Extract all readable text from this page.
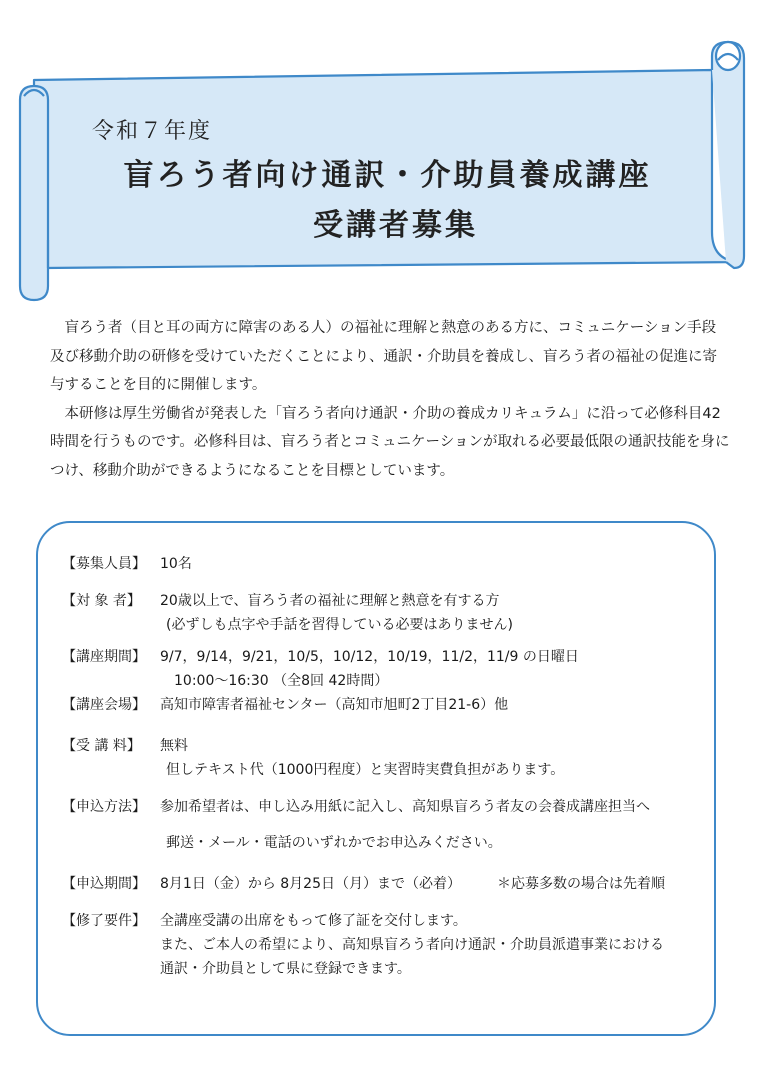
令和７年度
盲ろう者向け通訳・介助員養成講座
受講者募集

盲ろう者（目と耳の両方に障害のある人）の福祉に理解と熱意のある方に、コミュニケーション手段及び移動介助の研修を受けていただくことにより、通訳・介助員を養成し、盲ろう者の福祉の促進に寄与することを目的に開催します。

本研修は厚生労働省が発表した「盲ろう者向け通訳・介助の養成カリキュラム」に沿って必修科目42時間を行うものです。必修科目は、盲ろう者とコミュニケーションが取れる必要最低限の通訳技能を身につけ、移動介助ができるようになることを目標としています。

【募集人員】 10名
【対 象 者】 20歳以上で、盲ろう者の福祉に理解と熱意を有する方
(必ずしも点字や手話を習得している必要はありません)
【講座期間】 9/7，9/14，9/21，10/5，10/12，10/19，11/2，11/9 の日曜日
10:00～16:30 （全8回 42時間）
【講座会場】 高知市障害者福祉センター（高知市旭町2丁目21-6）他
【受 講 料】 無料
但しテキスト代（1000円程度）と実習時実費負担があります。
【申込方法】 参加希望者は、申し込み用紙に記入し、高知県盲ろう者友の会養成講座担当へ
郵送・メール・電話のいずれかでお申込みください。
【申込期間】 8月1日（金）から 8月25日（月）まで（必着）	＊応募多数の場合は先着順
【修了要件】 全講座受講の出席をもって修了証を交付します。
また、ご本人の希望により、高知県盲ろう者向け通訳・介助員派遣事業における
通訳・介助員として県に登録できます。
